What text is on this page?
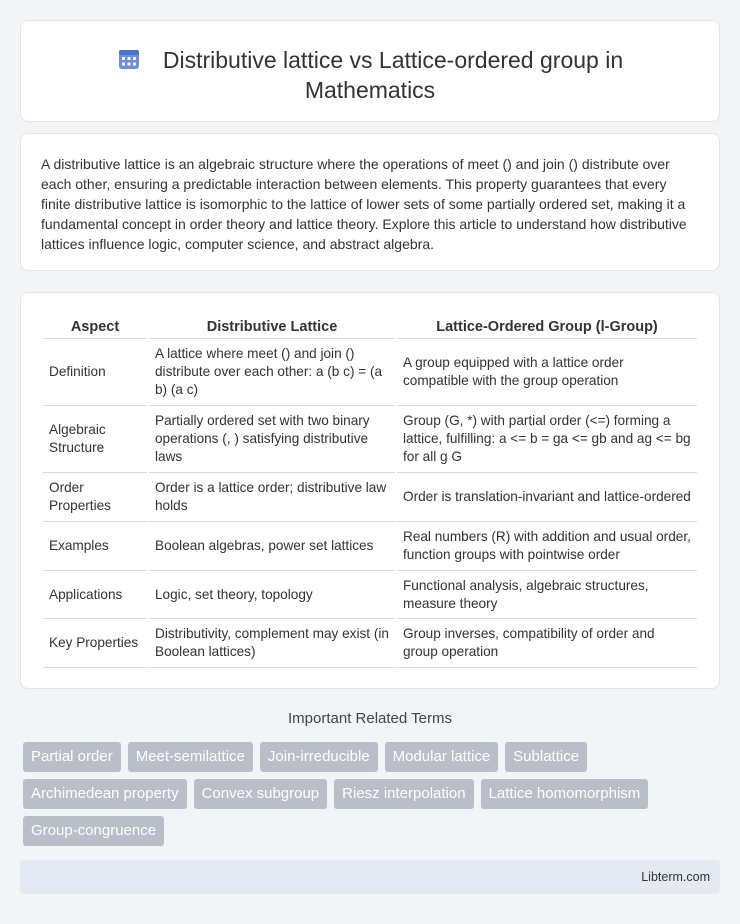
Distributive lattice vs Lattice-ordered group in
Mathematics

A distributive lattice is an algebraic structure where the operations of meet () and join () distribute over each other, ensuring a predictable interaction between elements. This property guarantees that every finite distributive lattice is isomorphic to the lattice of lower sets of some partially ordered set, making it a fundamental concept in order theory and lattice theory. Explore this article to understand how distributive lattices influence logic, computer science, and abstract algebra.

Aspect	Distributive Lattice	Lattice-Ordered Group (l-Group)
Definition	A lattice where meet () and join () distribute over each other: a (b c) = (a b) (a c)	A group equipped with a lattice order compatible with the group operation
Algebraic Structure	Partially ordered set with two binary operations (, ) satisfying distributive laws	Group (G, *) with partial order (<=) forming a lattice, fulfilling: a <= b = ga <= gb and ag <= bg for all g G
Order Properties	Order is a lattice order; distributive law holds	Order is translation-invariant and lattice-ordered
Examples	Boolean algebras, power set lattices	Real numbers (R) with addition and usual order, function groups with pointwise order
Applications	Logic, set theory, topology	Functional analysis, algebraic structures, measure theory
Key Properties	Distributivity, complement may exist (in Boolean lattices)	Group inverses, compatibility of order and group operation
Important Related Terms
Partial order	Meet-semilattice	Join-irreducible	Modular lattice	Sublattice
Archimedean property	Convex subgroup	Riesz interpolation	Lattice homomorphism
Group-congruence
Libterm.com
